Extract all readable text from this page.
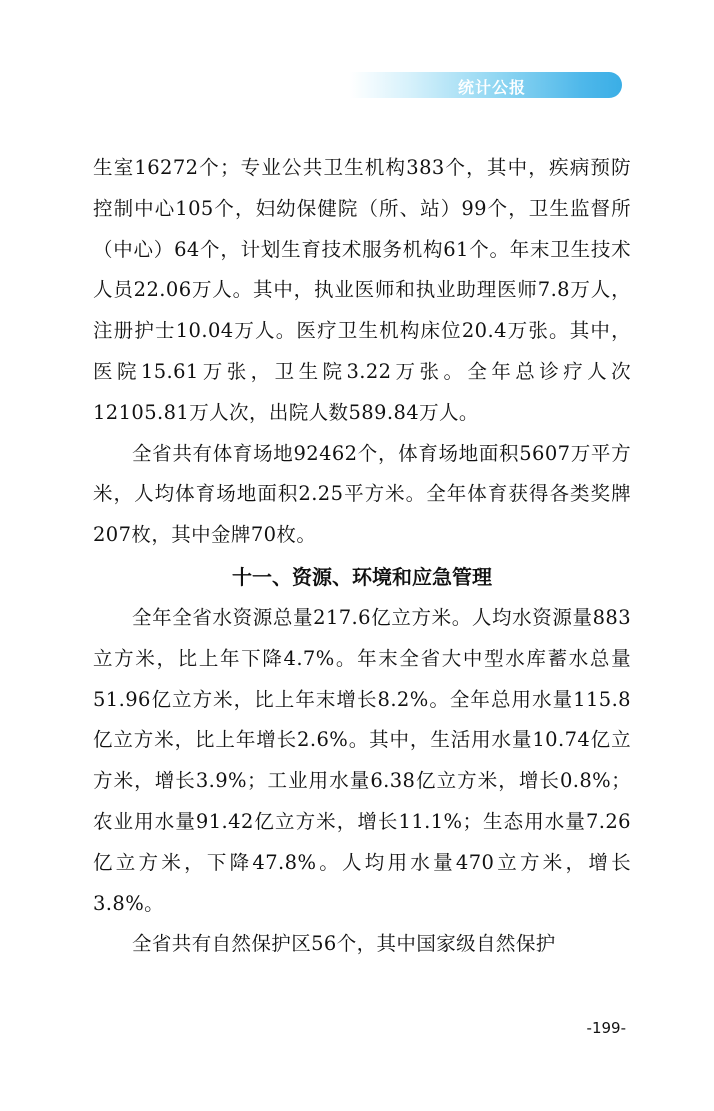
统计公报

生室16272个；专业公共卫生机构383个，其中，疾病预防控制中心105个，妇幼保健院（所、站）99个，卫生监督所（中心）64个，计划生育技术服务机构61个。年末卫生技术人员22.06万人。其中，执业医师和执业助理医师7.8万人，注册护士10.04万人。医疗卫生机构床位20.4万张。其中，医院15.61万张，卫生院3.22万张。全年总诊疗人次12105.81万人次，出院人数589.84万人。

全省共有体育场地92462个，体育场地面积5607万平方米，人均体育场地面积2.25平方米。全年体育获得各类奖牌207枚，其中金牌70枚。

十一、资源、环境和应急管理

全年全省水资源总量217.6亿立方米。人均水资源量883立方米，比上年下降4.7%。年末全省大中型水库蓄水总量51.96亿立方米，比上年末增长8.2%。全年总用水量115.8亿立方米，比上年增长2.6%。其中，生活用水量10.74亿立方米，增长3.9%；工业用水量6.38亿立方米，增长0.8%；农业用水量91.42亿立方米，增长11.1%；生态用水量7.26亿立方米，下降47.8%。人均用水量470立方米，增长3.8%。

全省共有自然保护区56个，其中国家级自然保护

-199-
